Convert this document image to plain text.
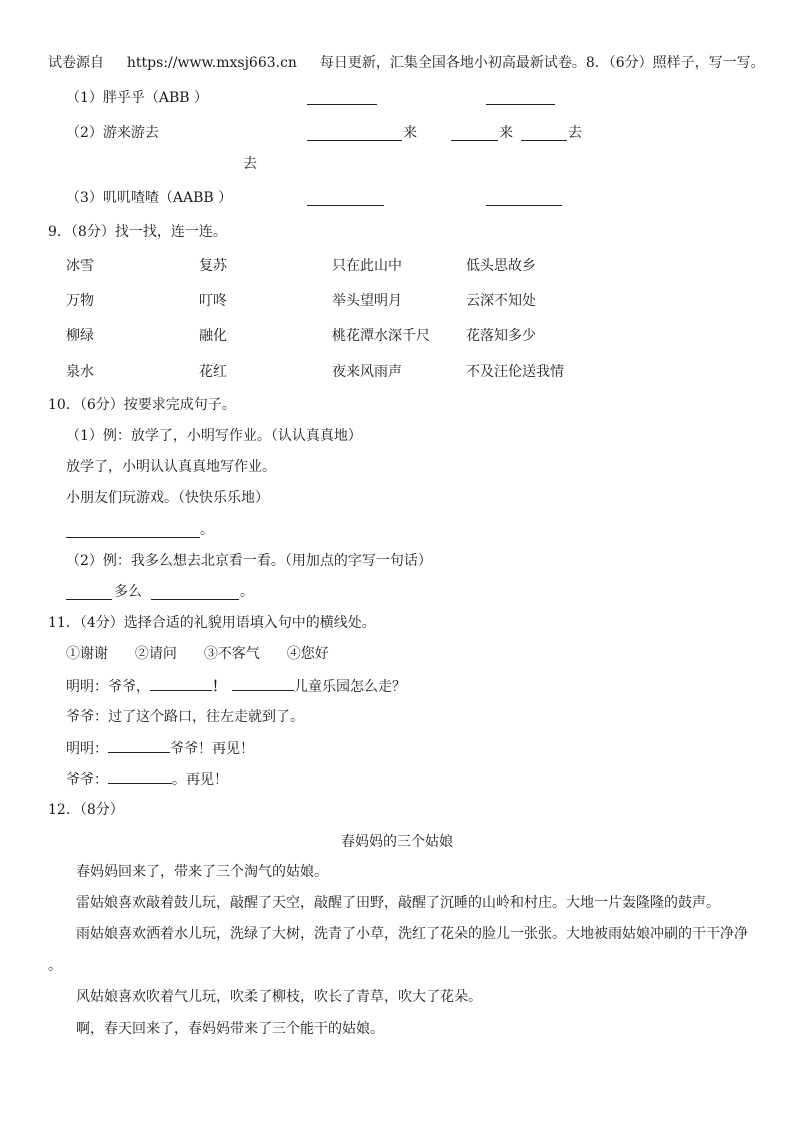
试卷源自 https://www.mxsj663.cn 每日更新，汇集全国各地小初高最新试卷。8．（6分）照样子，写一写。
（1）胖乎乎（ABB ）
（2）游来游去	来	来	去
去
（3）叽叽喳喳（AABB ）
9．（8分）找一找，连一连。
冰雪	复苏	只在此山中	低头思故乡
万物	叮咚	举头望明月	云深不知处
柳绿	融化	桃花潭水深千尺	花落知多少
泉水	花红	夜来风雨声	不及汪伦送我情
10．（6分）按要求完成句子。
（1）例：放学了，小明写作业。（认认真真地）
放学了，小明认认真真地写作业。
小朋友们玩游戏。（快快乐乐地）
。
（2）例：我多么想去北京看一看。（用加点的字写一句话）
多么	。
11．（4分）选择合适的礼貌用语填入句中的横线处。
①谢谢 ②请问 ③不客气 ④您好
明明：爷爷，	！	儿童乐园怎么走？
爷爷：过了这个路口，往左走就到了。
明明：	爷爷！再见！
爷爷：	。再见！
12．（8分）
春妈妈的三个姑娘
春妈妈回来了，带来了三个淘气的姑娘。
雷姑娘喜欢敲着鼓儿玩，敲醒了天空，敲醒了田野，敲醒了沉睡的山岭和村庄。大地一片轰隆隆的鼓声。
雨姑娘喜欢洒着水儿玩，洗绿了大树，洗青了小草，洗红了花朵的脸儿一张张。大地被雨姑娘冲刷的干干净净
。
风姑娘喜欢吹着气儿玩，吹柔了柳枝，吹长了青草，吹大了花朵。
啊，春天回来了，春妈妈带来了三个能干的姑娘。
